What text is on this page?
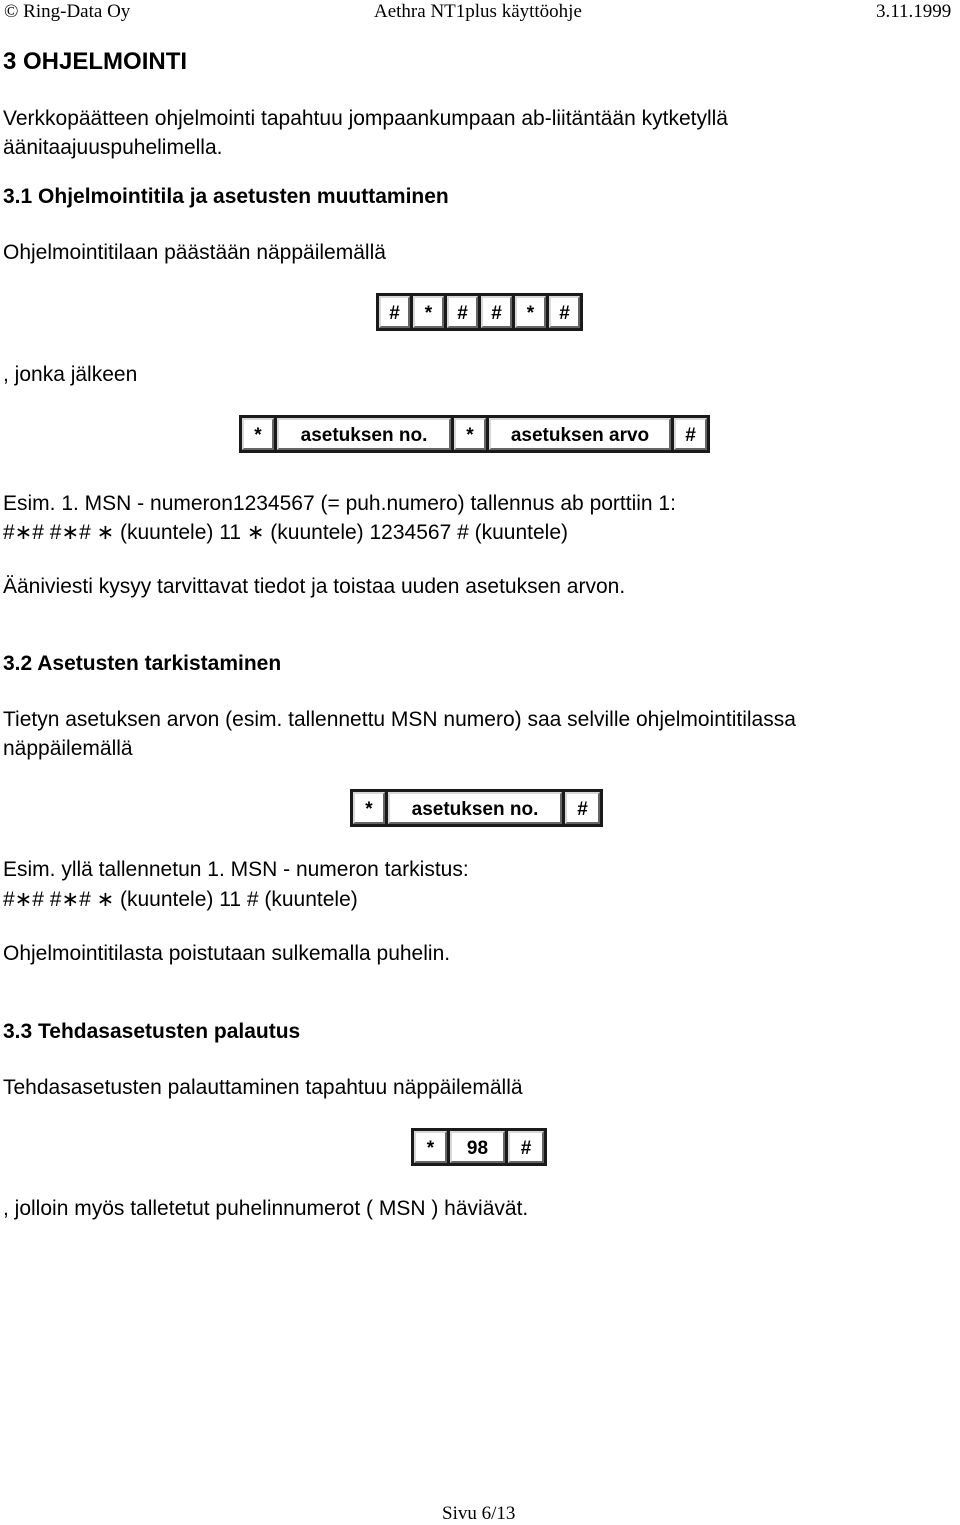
© Ring-Data Oy	Aethra NT1plus käyttöohje	3.11.1999
3 OHJELMOINTI
Verkkopäätteen ohjelmointi tapahtuu jompaankumpaan ab-liitäntään kytketyllä
äänitaajuuspuhelimella.
3.1 Ohjelmointitila ja asetusten muuttaminen
Ohjelmointitilaan päästään näppäilemällä
#	*	#	#	*	#
, jonka jälkeen
*	asetuksen no.	*	asetuksen arvo	#
Esim. 1. MSN - numeron1234567 (= puh.numero) tallennus ab porttiin 1:
#∗# #∗# ∗ (kuuntele) 11 ∗ (kuuntele) 1234567 # (kuuntele)
Ääniviesti kysyy tarvittavat tiedot ja toistaa uuden asetuksen arvon.
3.2 Asetusten tarkistaminen
Tietyn asetuksen arvon (esim. tallennettu MSN numero) saa selville ohjelmointitilassa
näppäilemällä
*	asetuksen no.	#
Esim. yllä tallennetun 1. MSN - numeron tarkistus:
#∗# #∗# ∗ (kuuntele) 11 # (kuuntele)
Ohjelmointitilasta poistutaan sulkemalla puhelin.
3.3 Tehdasasetusten palautus
Tehdasasetusten palauttaminen tapahtuu näppäilemällä
*	98	#
, jolloin myös talletetut puhelinnumerot ( MSN ) häviävät.
Sivu 6/13
